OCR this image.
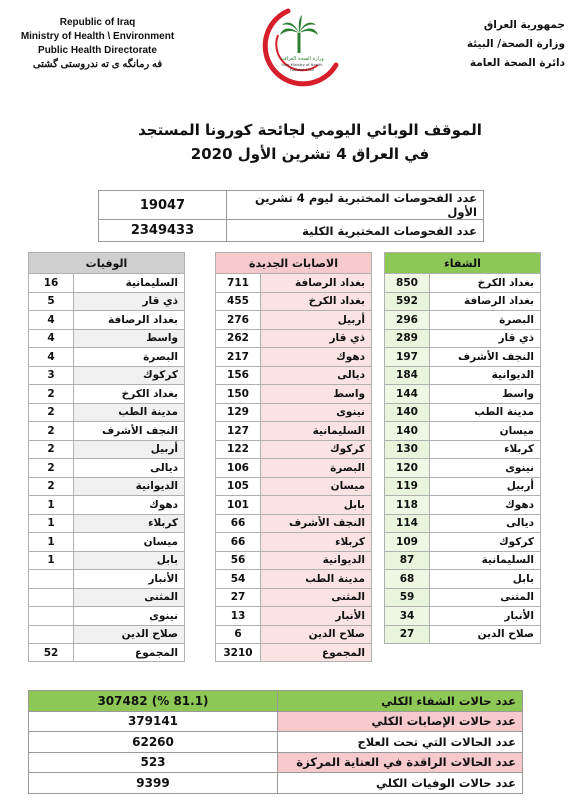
Republic of Iraq
Ministry of Health \ Environment
Public Health Directorate
فه رمانگه ى ته ندروستى گشتى
جمهورية العراق
وزارة الصحة/ البيئة
دائرة الصحة العامة
وزارة الصحة العراقية
Iraqi Ministry of Health
Founded 1920
الموقف الوبائي اليومي لجائحة كورونا المستجد
في العراق 4 تشرين الأول 2020
عدد الفحوصات المختبرية ليوم 4 تشرين الأول	19047
عدد الفحوصات المختبرية الكلية	2349433
الشفاء	
بغداد الكرخ	850
بغداد الرصافة	592
البصرة	296
ذي قار	289
النجف الأشرف	197
الديوانية	184
واسط	144
مدينة الطب	140
ميسان	140
كربلاء	130
نينوى	120
أربيل	119
دهوك	118
ديالى	114
كركوك	109
السليمانية	87
بابل	68
المثنى	59
الأنبار	34
صلاح الدين	27
الاصابات الجديدة	
بغداد الرصافة	711
بغداد الكرخ	455
أربيل	276
ذي قار	262
دهوك	217
ديالى	156
واسط	150
نينوى	129
السليمانية	127
كركوك	122
البصرة	106
ميسان	105
بابل	101
النجف الأشرف	66
كربلاء	66
الديوانية	56
مدينة الطب	54
المثنى	27
الأنبار	13
صلاح الدين	6
المجموع	3210
الوفيات	
السليمانية	16
ذي قار	5
بغداد الرصافة	4
واسط	4
البصرة	4
كركوك	3
بغداد الكرخ	2
مدينة الطب	2
النجف الأشرف	2
أربيل	2
ديالى	2
الديوانية	2
دهوك	1
كربلاء	1
ميسان	1
بابل	1
الأنبار	
المثنى	
نينوى	
صلاح الدين	
المجموع	52
عدد حالات الشفاء الكلي	(81.1 %) 307482
عدد حالات الإصابات الكلي	379141
عدد الحالات التي تحت العلاج	62260
عدد الحالات الراقدة في العناية المركزة	523
عدد حالات الوفيات الكلي	9399
